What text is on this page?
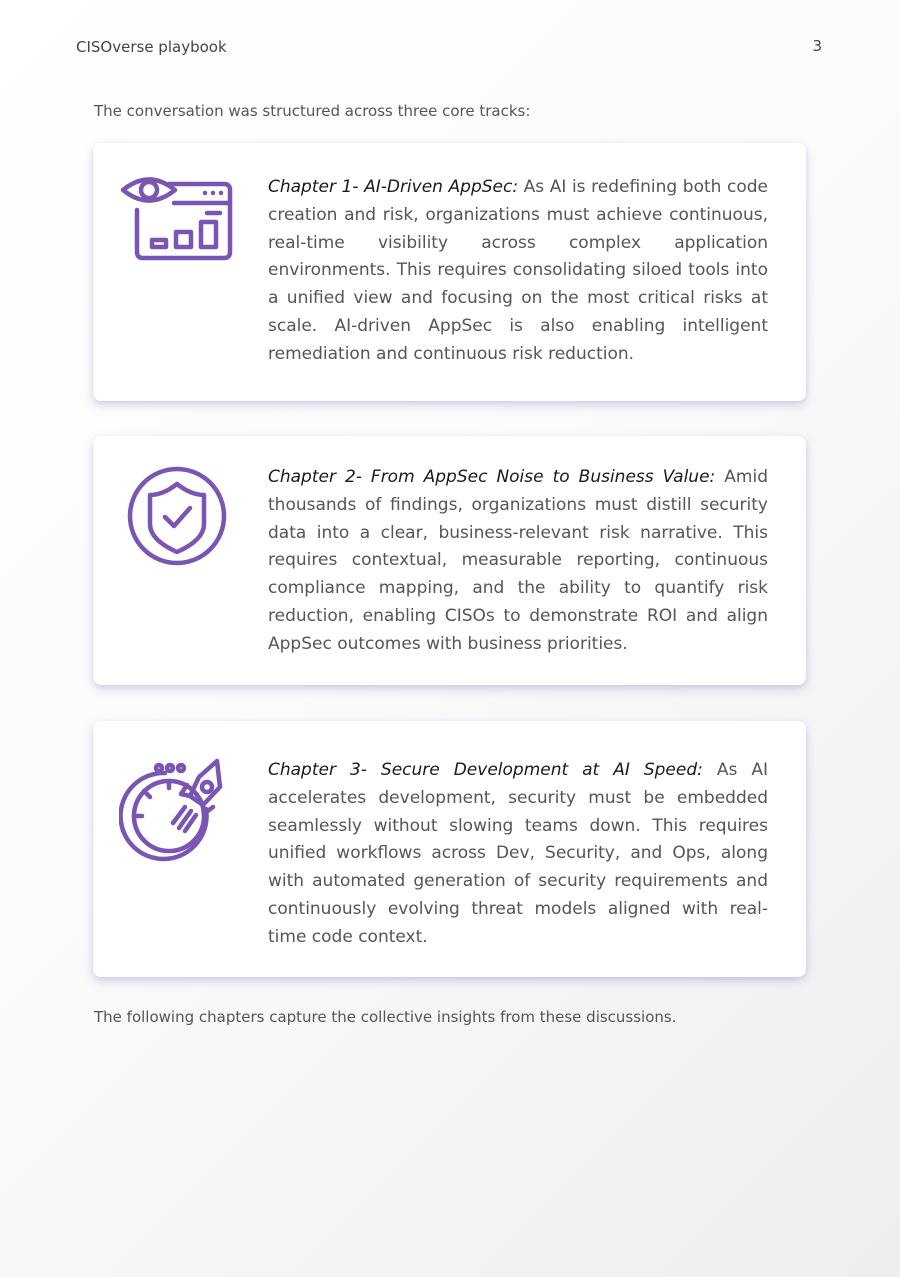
CISOverse playbook	3

The conversation was structured across three core tracks:

Chapter 1- AI-Driven AppSec: As AI is redefining both code creation and risk, organizations must achieve continuous, real-time visibility across complex application environments. This requires consolidating siloed tools into a unified view and focusing on the most critical risks at scale. AI-driven AppSec is also enabling intelligent remediation and continuous risk reduction.
Chapter 2- From AppSec Noise to Business Value: Amid thousands of findings, organizations must distill security data into a clear, business-relevant risk narrative. This requires contextual, measurable reporting, continuous compliance mapping, and the ability to quantify risk reduction, enabling CISOs to demonstrate ROI and align AppSec outcomes with business priorities.
Chapter 3- Secure Development at AI Speed: As AI accelerates development, security must be embedded seamlessly without slowing teams down. This requires unified workflows across Dev, Security, and Ops, along with automated generation of security requirements and continuously evolving threat models aligned with real-time code context.

The following chapters capture the collective insights from these discussions.
